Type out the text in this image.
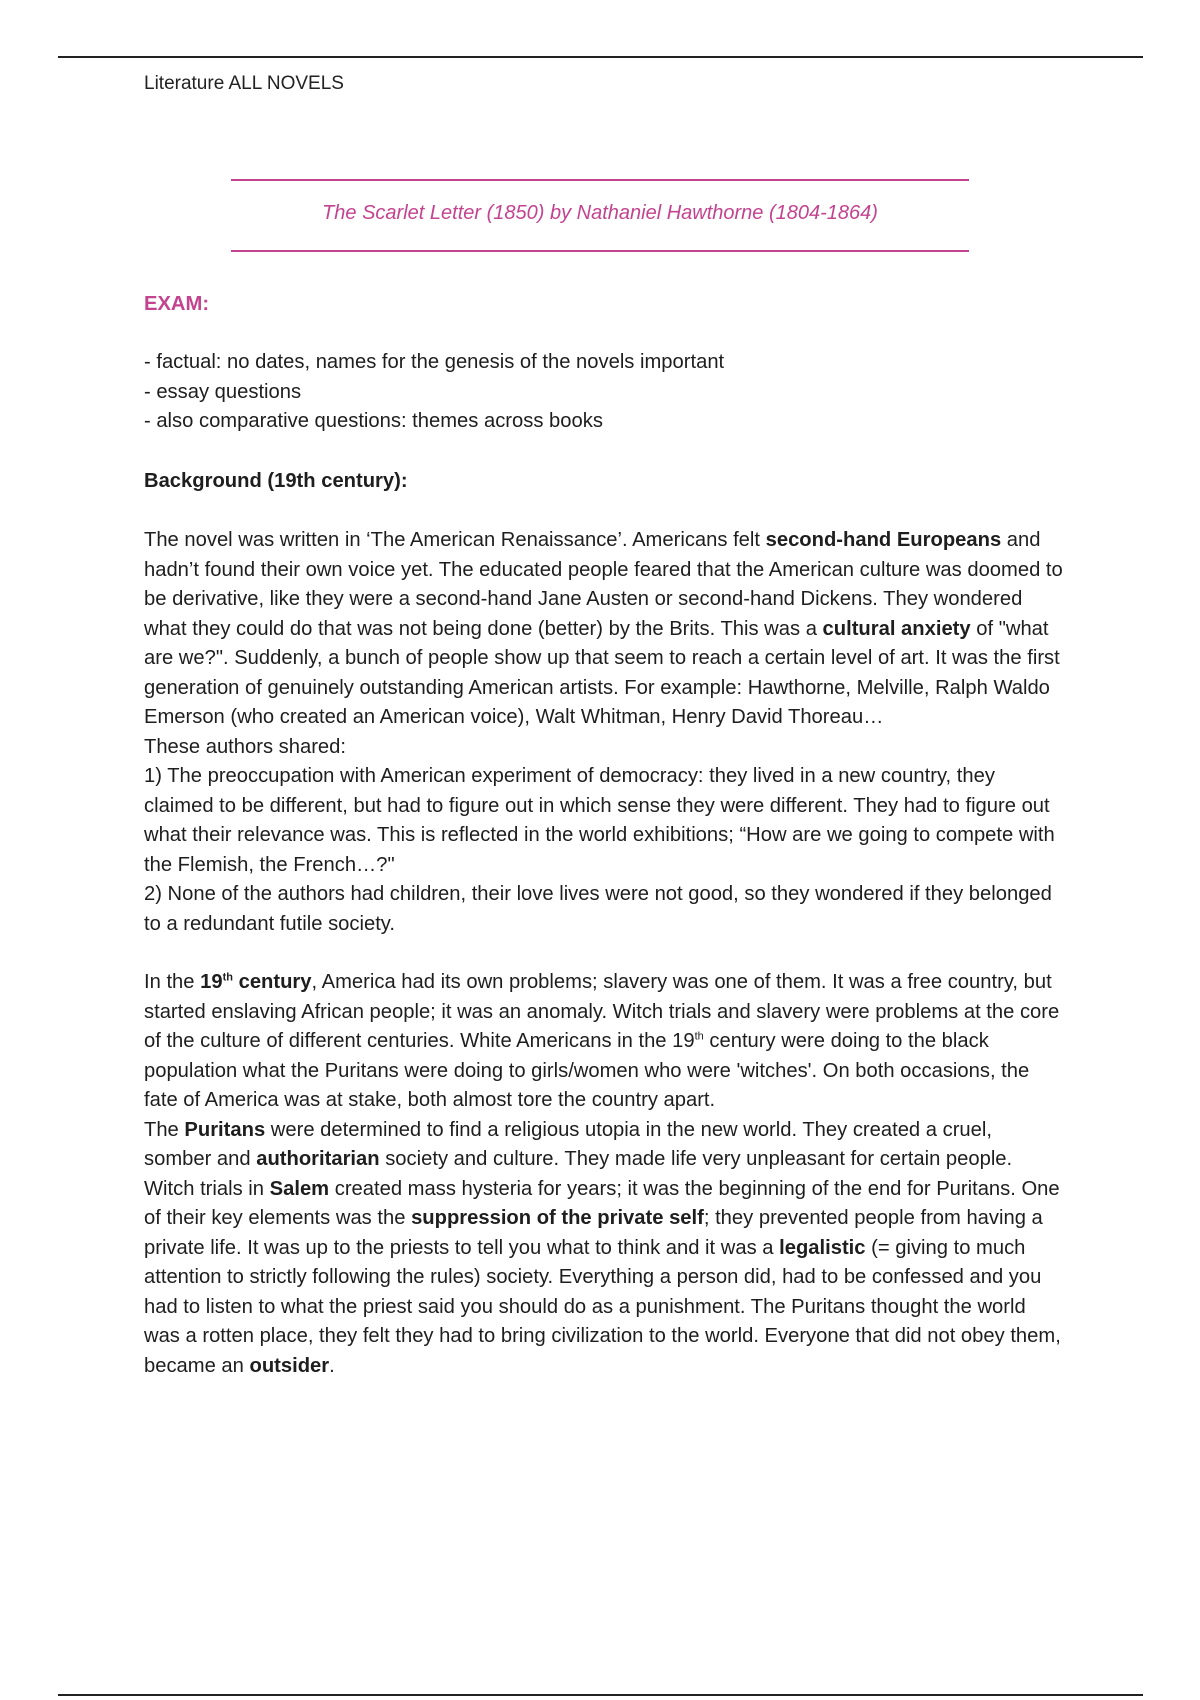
Literature ALL NOVELS
The Scarlet Letter (1850) by Nathaniel Hawthorne (1804-1864)
EXAM:
- factual: no dates, names for the genesis of the novels important
- essay questions
- also comparative questions: themes across books
Background (19th century):

The novel was written in ‘The American Renaissance’. Americans felt second-hand Europeans and hadn’t found their own voice yet. The educated people feared that the American culture was doomed to be derivative, like they were a second-hand Jane Austen or second-hand Dickens. They wondered what they could do that was not being done (better) by the Brits. This was a cultural anxiety of "what are we?". Suddenly, a bunch of people show up that seem to reach a certain level of art. It was the first generation of genuinely outstanding American artists. For example: Hawthorne, Melville, Ralph Waldo Emerson (who created an American voice), Walt Whitman, Henry David Thoreau…

These authors shared:

1) The preoccupation with American experiment of democracy: they lived in a new country, they claimed to be different, but had to figure out in which sense they were different. They had to figure out what their relevance was. This is reflected in the world exhibitions; “How are we going to compete with the Flemish, the French…?"

2) None of the authors had children, their love lives were not good, so they wondered if they belonged to a redundant futile society.

In the 19th century, America had its own problems; slavery was one of them. It was a free country, but started enslaving African people; it was an anomaly. Witch trials and slavery were problems at the core of the culture of different centuries. White Americans in the 19th century were doing to the black population what the Puritans were doing to girls/women who were 'witches'. On both occasions, the fate of America was at stake, both almost tore the country apart.

The Puritans were determined to find a religious utopia in the new world. They created a cruel, somber and authoritarian society and culture. They made life very unpleasant for certain people. Witch trials in Salem created mass hysteria for years; it was the beginning of the end for Puritans. One of their key elements was the suppression of the private self; they prevented people from having a private life. It was up to the priests to tell you what to think and it was a legalistic (= giving to much attention to strictly following the rules) society. Everything a person did, had to be confessed and you had to listen to what the priest said you should do as a punishment. The Puritans thought the world was a rotten place, they felt they had to bring civilization to the world. Everyone that did not obey them, became an outsider.
